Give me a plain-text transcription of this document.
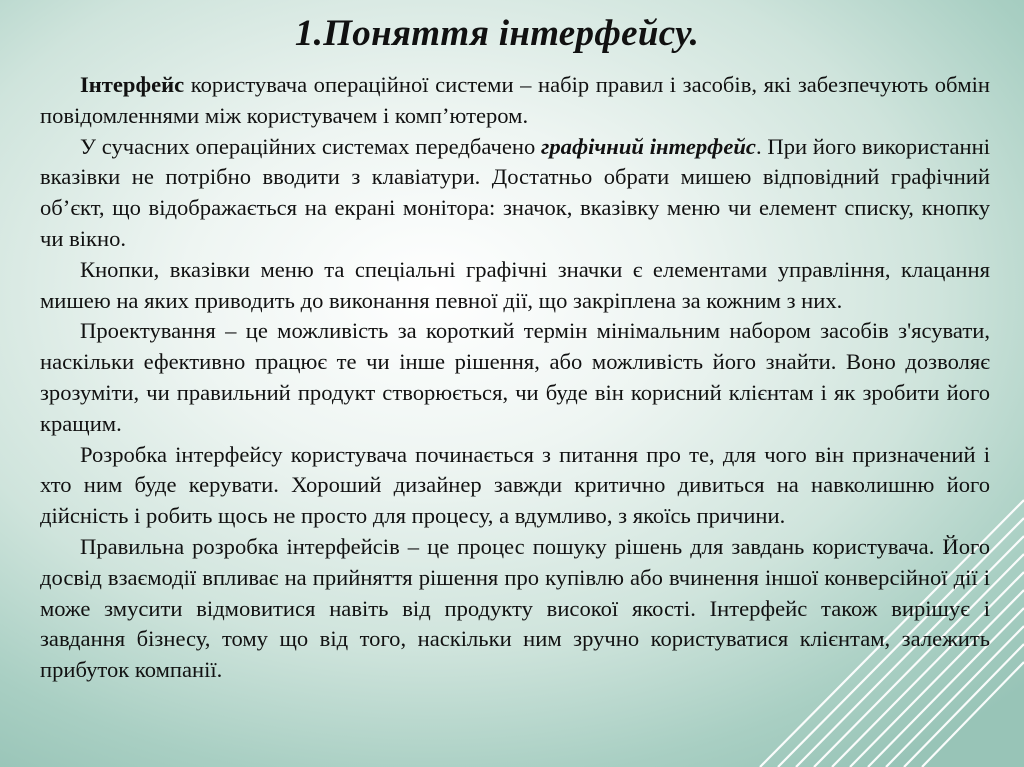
1.Поняття інтерфейсу.

Інтерфейс користувача операційної системи – набір правил і засобів, які забезпечують обмін повідомленнями між користувачем і комп’ютером.

У сучасних операційних системах передбачено графічний інтерфейс. При його використанні вказівки не потрібно вводити з клавіатури. Достатньо обрати мишею відповідний графічний об’єкт, що відображається на екрані монітора: значок, вказівку меню чи елемент списку, кнопку чи вікно.

Кнопки, вказівки меню та спеціальні графічні значки є елементами управління, клацання мишею на яких приводить до виконання певної дії, що закріплена за кожним з них.

Проектування – це можливість за короткий термін мінімальним набором засобів з'ясувати, наскільки ефективно працює те чи інше рішення, або можливість його знайти. Воно дозволяє зрозуміти, чи правильний продукт створюється, чи буде він корисний клієнтам і як зробити його кращим.

Розробка інтерфейсу користувача починається з питання про те, для чого він призначений і хто ним буде керувати. Хороший дизайнер завжди критично дивиться на навколишню його дійсність і робить щось не просто для процесу, а вдумливо, з якоїсь причини.

Правильна розробка інтерфейсів – це процес пошуку рішень для завдань користувача. Його досвід взаємодії впливає на прийняття рішення про купівлю або вчинення іншої конверсійної дії і може змусити відмовитися навіть від продукту високої якості. Інтерфейс також вирішує і завдання бізнесу, тому що від того, наскільки ним зручно користуватися клієнтам, залежить прибуток компанії.
